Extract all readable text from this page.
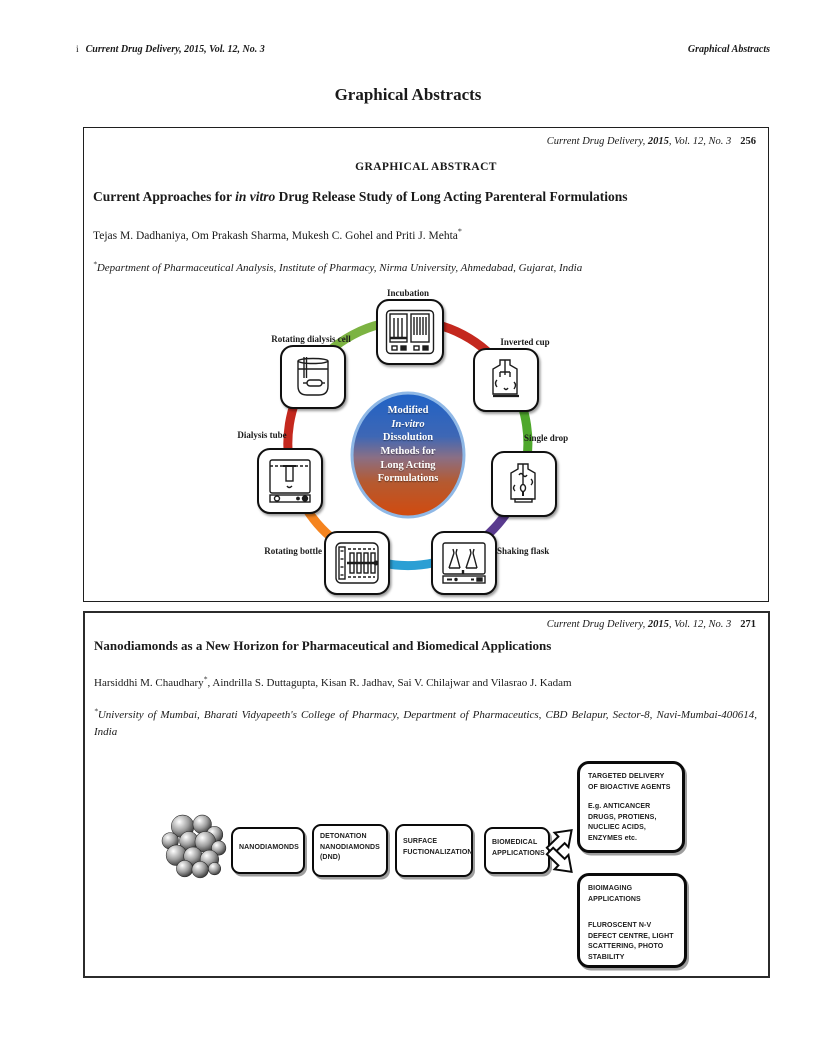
i Current Drug Delivery, 2015, Vol. 12, No. 3	Graphical Abstracts
Graphical Abstracts
Current Drug Delivery, 2015, Vol. 12, No. 3 256
GRAPHICAL ABSTRACT
Current Approaches for in vitro Drug Release Study of Long Acting Parenteral Formulations
Tejas M. Dadhaniya, Om Prakash Sharma, Mukesh C. Gohel and Priti J. Mehta*
*Department of Pharmaceutical Analysis, Institute of Pharmacy, Nirma University, Ahmedabad, Gujarat, India
Modified
In-vitro
Dissolution
Methods for
Long Acting
Formulations
Incubation
Rotating dialysis cell	Inverted cup
Dialysis tube	Single drop
Rotating bottle	Shaking flask
Current Drug Delivery, 2015, Vol. 12, No. 3 271
Nanodiamonds as a New Horizon for Pharmaceutical and Biomedical Applications
Harsiddhi M. Chaudhary*, Aindrilla S. Duttagupta, Kisan R. Jadhav, Sai V. Chilajwar and Vilasrao J. Kadam
*University of Mumbai, Bharati Vidyapeeth's College of Pharmacy, Department of Pharmaceutics, CBD Belapur, Sector-8, Navi-Mumbai-400614, India
NANODIAMONDS
DETONATION NANODIAMONDS (DND)
SURFACE FUCTIONALIZATION
BIOMEDICAL APPLICATIONS
TARGETED DELIVERY OF BIOACTIVE AGENTS
E.g. ANTICANCER DRUGS, PROTIENS, NUCLIEC ACIDS, ENZYMES etc.
BIOIMAGING APPLICATIONS
FLUROSCENT N-V DEFECT CENTRE, LIGHT SCATTERING, PHOTO STABILITY
